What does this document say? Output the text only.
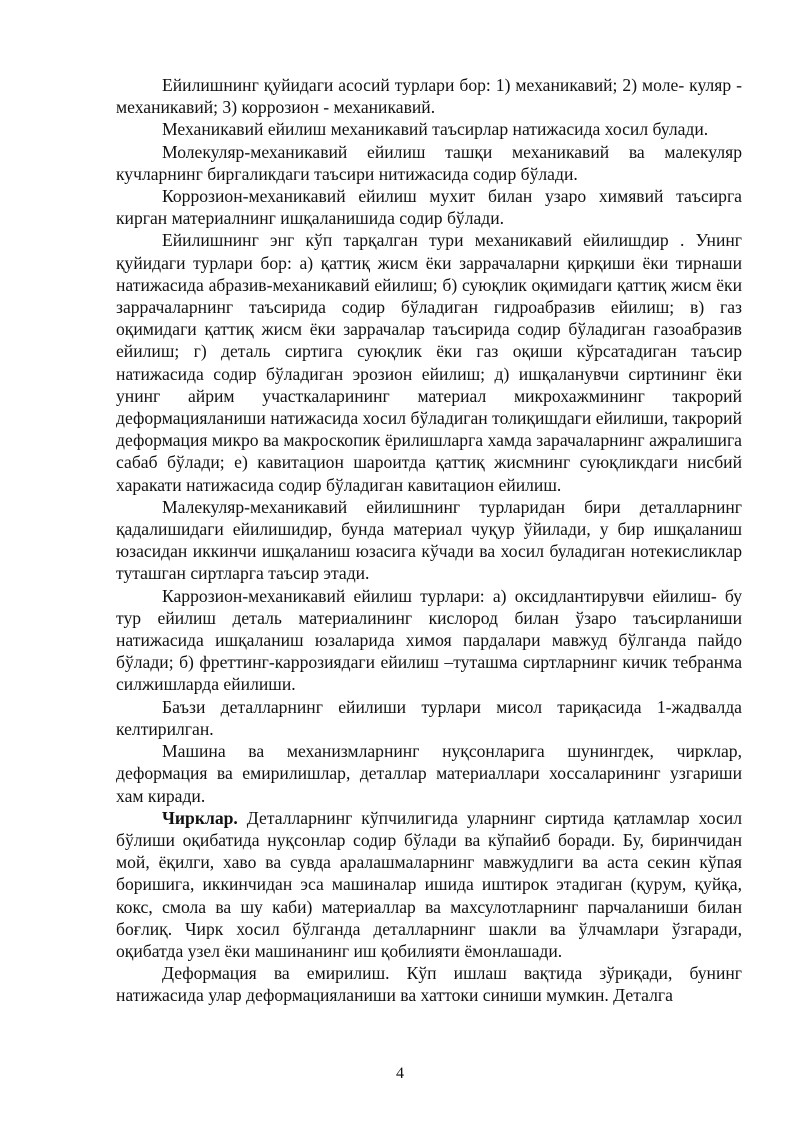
Ейилишнинг қуйидаги асосий турлари бор: 1) механикавий; 2) моле- куляр - механикавий; 3) коррозион - механикавий.

Механикавий ейилиш механикавий таъсирлар натижасида хосил булади.

Молекуляр-механикавий ейилиш ташқи механикавий ва малекуляр кучларнинг биргаликдаги таъсири нитижасида содир бўлади.

Коррозион-механикавий ейилиш мухит билан узаро химявий таъсирга кирган материалнинг ишқаланишида содир бўлади.

Ейилишнинг энг кўп тарқалган тури механикавий ейилишдир . Унинг қуйидаги турлари бор: а) қаттиқ жисм ёки заррачаларни қирқиши ёки тирнаши натижасида абразив-механикавий ейилиш; б) суюқлик оқимидаги қаттиқ жисм ёки заррачаларнинг таъсирида содир бўладиган гидроабразив ейилиш; в) газ оқимидаги қаттиқ жисм ёки заррачалар таъсирида содир бўладиган газоабразив ейилиш; г) деталь сиртига суюқлик ёки газ оқиши кўрсатадиган таъсир натижасида содир бўладиган эрозион ейилиш; д) ишқаланувчи сиртининг ёки унинг айрим участкаларининг материал микрохажмининг такрорий деформацияланиши натижасида хосил бўладиган толиқишдаги ейилиши, такрорий деформация микро ва макроскопик ёрилишларга хамда зарачаларнинг ажралишига сабаб бўлади; е) кавитацион шароитда қаттиқ жисмнинг суюқликдаги нисбий харакати натижасида содир бўладиган кавитацион ейилиш.

Малекуляр-механикавий ейилишнинг турларидан бири деталларнинг қадалишидаги ейилишидир, бунда материал чуқур ўйилади, у бир ишқаланиш юзасидан иккинчи ишқаланиш юзасига кўчади ва хосил буладиган нотекисликлар туташган сиртларга таъсир этади.

Каррозион-механикавий ейилиш турлари: а) оксидлантирувчи ейилиш- бу тур ейилиш деталь материалининг кислород билан ўзаро таъсирланиши натижасида ишқаланиш юзаларида химоя пардалари мавжуд бўлганда пайдо бўлади; б) фреттинг-каррозиядаги ейилиш –туташма сиртларнинг кичик тебранма силжишларда ейилиши.

Баъзи деталларнинг ейилиши турлари мисол тариқасида 1-жадвалда келтирилган.

Машина ва механизмларнинг нуқсонларига шунингдек, чирклар, деформация ва емирилишлар, деталлар материаллари хоссаларининг узгариши хам киради.

Чирклар. Деталларнинг кўпчилигида уларнинг сиртида қатламлар хосил бўлиши оқибатида нуқсонлар содир бўлади ва кўпайиб боради. Бу, биринчидан мой, ёқилги, хаво ва сувда аралашмаларнинг мавжудлиги ва аста секин кўпая боришига, иккинчидан эса машиналар ишида иштирок этадиган (қурум, қуйқа, кокс, смола ва шу каби) материаллар ва махсулотларнинг парчаланиши билан боғлиқ. Чирк хосил бўлганда деталларнинг шакли ва ўлчамлари ўзгаради, оқибатда узел ёки машинанинг иш қобилияти ёмонлашади.

Деформация ва емирилиш. Кўп ишлаш вақтида зўриқади, бунинг натижасида улар деформацияланиши ва хаттоки синиши мумкин. Деталга

4
